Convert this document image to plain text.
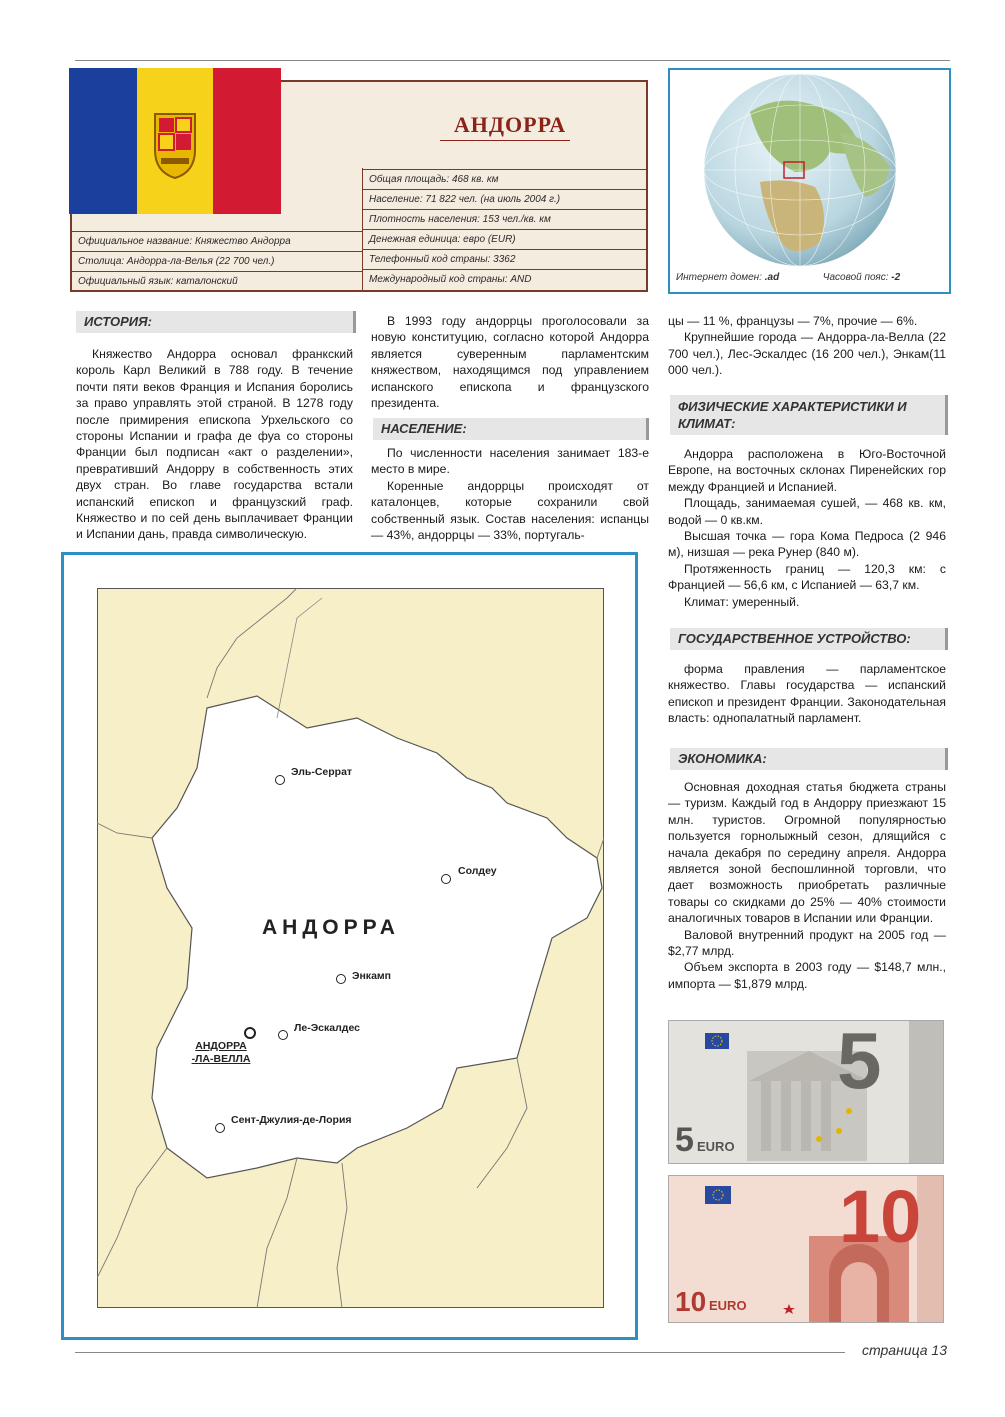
АНДОРРА
Официальное название: Княжество Андорра
Столица: Андорра-ла-Велья (22 700 чел.)
Официальный язык: каталонский
Общая площадь: 468 кв. км
Население: 71 822 чел. (на июль 2004 г.)
Плотность населения: 153 чел./кв. км
Денежная единица: евро (EUR)
Телефонный код страны: 3362
Международный код страны: AND	Интернет домен: .ad	Часовой пояс: -2
ИСТОРИЯ:

Княжество Андорра основал франкский король Карл Великий в 788 году. В течение почти пяти веков Франция и Испания боролись за право управлять этой страной. В 1278 году после примирения епископа Урхельского со стороны Испании и графа де фуа со стороны Франции был подписан «акт о разделении», превративший Андорру в собственность этих двух стран. Во главе государства встали испанский епископ и французский граф. Княжество и по сей день выплачивает Франции и Испании дань, правда символическую.

В 1993 году андоррцы проголосовали за новую конституцию, согласно которой Андорра является суверенным парламентским княжеством, находящимся под управлением испанского епископа и французского президента.

НАСЕЛЕНИЕ:

По численности населения занимает 183-е место в мире.

Коренные андоррцы происходят от каталонцев, которые сохранили свой собственный язык. Состав населения: испанцы — 43%, андоррцы — 33%, португаль-

цы — 11 %, французы — 7%, прочие — 6%.

Крупнейшие города — Андорра-ла-Велла (22 700 чел.), Лес-Эскалдес (16 200 чел.), Энкам(11 000 чел.).

ФИЗИЧЕСКИЕ ХАРАКТЕРИСТИКИ И КЛИМАТ:

Андорра расположена в Юго-Восточной Европе, на восточных склонах Пиренейских гор между Францией и Испанией.

Площадь, занимаемая сушей, — 468 кв. км, водой — 0 кв.км.

Высшая точка — гора Кома Педроса (2 946 м), низшая — река Рунер (840 м).

Протяженность границ — 120,3 км: с Францией — 56,6 км, с Испанией — 63,7 км.

Климат: умеренный.

ГОСУДАРСТВЕННОЕ УСТРОЙСТВО:

форма правления — парламентское княжество. Главы государства — испанский епископ и президент Франции. Законодательная власть: однопалатный парламент.

ЭКОНОМИКА:

Основная доходная статья бюджета страны — туризм. Каждый год в Андорру приезжают 15 млн. туристов. Огромной популярностью пользуется горнолыжный сезон, длящийся с начала декабря по середину апреля. Андорра является зоной беспошлинной торговли, что дает возможность приобретать различные товары со скидками до 25% — 40% стоимости аналогичных товаров в Испании или Франции.

Валовой внутренний продукт на 2005 год — $2,77 млрд.

Объем экспорта в 2003 году — $148,7 млн., импорта — $1,879 млрд.

АНДОРРА
Эль-Серрат
Солдеу
Энкамп
Ле-Эскалдес
АНДОРРА -ЛА-ВЕЛЛА
Сент-Джулия-де-Лория
5 EURO
5
10 EURO
10
страница 13
